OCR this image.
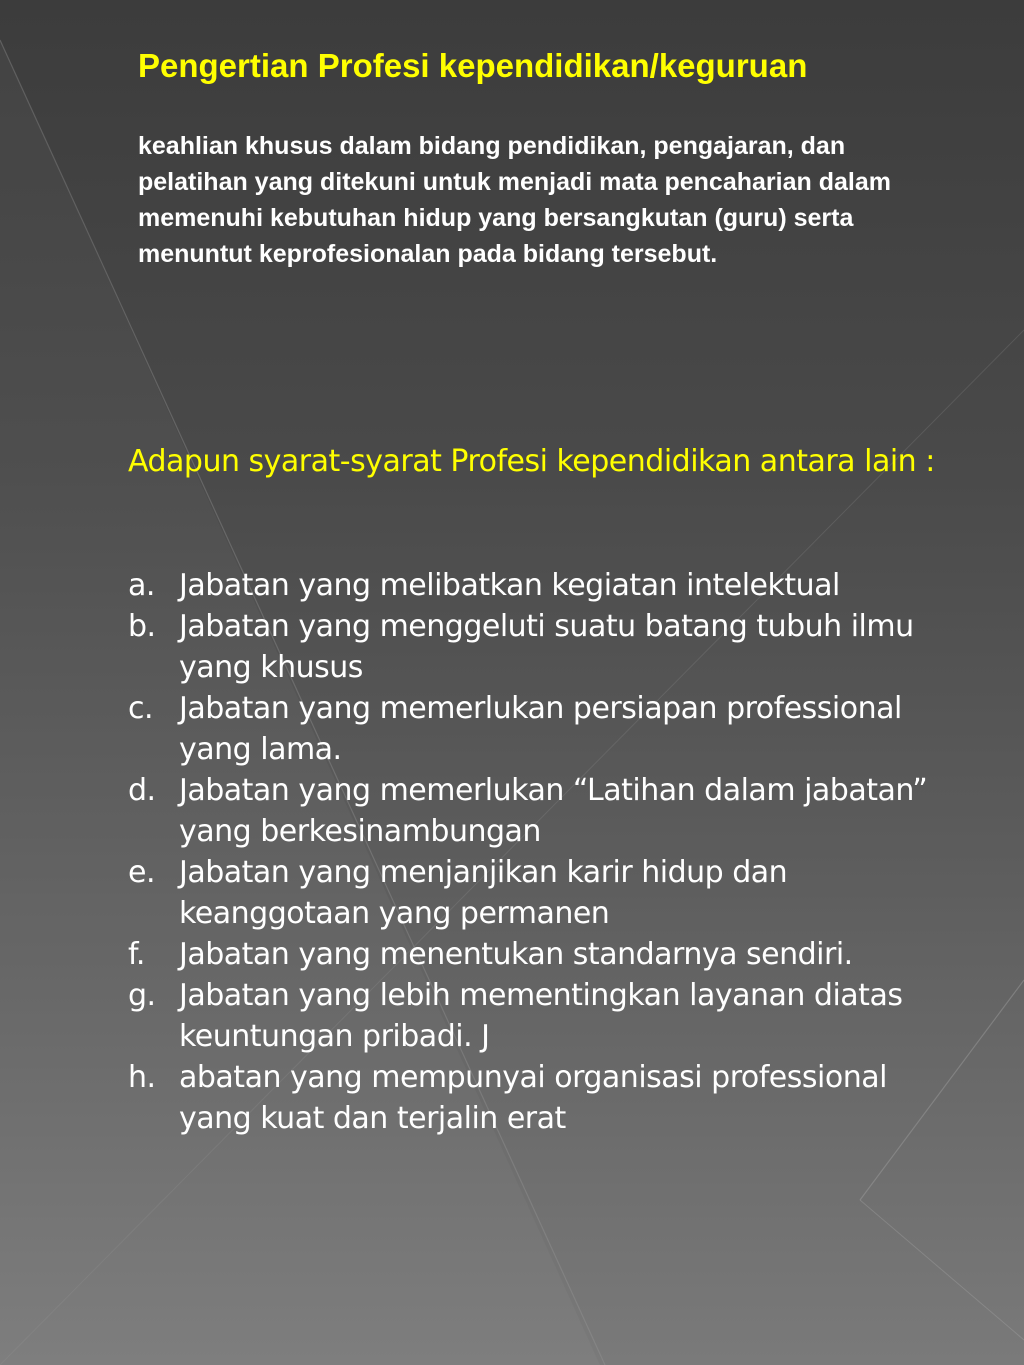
Pengertian Profesi kependidikan/keguruan

keahlian khusus dalam bidang pendidikan, pengajaran, dan pelatihan yang ditekuni untuk menjadi mata pencaharian dalam memenuhi kebutuhan hidup yang bersangkutan (guru) serta menuntut keprofesionalan pada bidang tersebut.

Adapun syarat-syarat Profesi kependidikan antara lain :

a. Jabatan yang melibatkan kegiatan intelektual
b. Jabatan yang menggeluti suatu batang tubuh ilmu yang khusus
c. Jabatan yang memerlukan persiapan professional yang lama.
d. Jabatan yang memerlukan “Latihan dalam jabatan” yang berkesinambungan
e. Jabatan yang menjanjikan karir hidup dan keanggotaan yang permanen
f.	Jabatan yang menentukan standarnya sendiri.
g. Jabatan yang lebih mementingkan layanan diatas keuntungan pribadi. J
h. abatan yang mempunyai organisasi professional yang kuat dan terjalin erat
